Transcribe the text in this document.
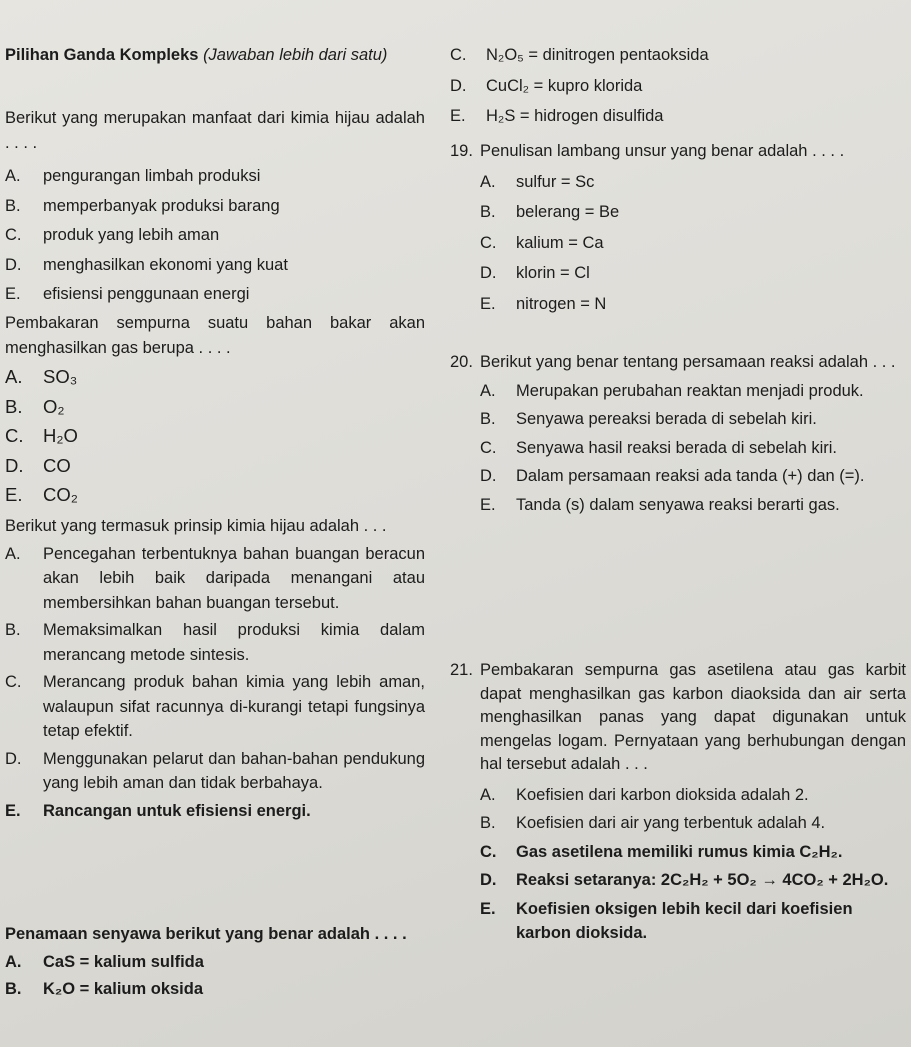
Pilihan Ganda Kompleks (Jawaban lebih dari satu)

Berikut yang merupakan manfaat dari kimia hijau adalah . . . .

A. pengurangan limbah produksi

B. memperbanyak produksi barang

C. produk yang lebih aman

D. menghasilkan ekonomi yang kuat

E. efisiensi penggunaan energi

Pembakaran sempurna suatu bahan bakar akan menghasilkan gas berupa . . . .

A. SO₃

B. O₂

C. H₂O

D. CO

E. CO₂

Berikut yang termasuk prinsip kimia hijau adalah . . .

A. Pencegahan terbentuknya bahan buangan beracun akan lebih baik daripada menangani atau membersihkan bahan buangan tersebut.

B. Memaksimalkan hasil produksi kimia dalam merancang metode sintesis.

C. Merancang produk bahan kimia yang lebih aman, walaupun sifat racunnya di-kurangi tetapi fungsinya tetap efektif.

D. Menggunakan pelarut dan bahan-bahan pendukung yang lebih aman dan tidak berbahaya.

E. Rancangan untuk efisiensi energi.

Penamaan senyawa berikut yang benar adalah . . . .

A. CaS = kalium sulfida

B. K₂O = kalium oksida

C. N₂O₅ = dinitrogen pentaoksida

D. CuCl₂ = kupro klorida

E. H₂S = hidrogen disulfida

19. Penulisan lambang unsur yang benar adalah . . . .

A. sulfur = Sc

B. belerang = Be

C. kalium = Ca

D. klorin = Cl

E. nitrogen = N

20. Berikut yang benar tentang persamaan reaksi adalah . . .

A. Merupakan perubahan reaktan menjadi produk.

B. Senyawa pereaksi berada di sebelah kiri.

C. Senyawa hasil reaksi berada di sebelah kiri.

D. Dalam persamaan reaksi ada tanda (+) dan (=).

E. Tanda (s) dalam senyawa reaksi berarti gas.

21. Pembakaran sempurna gas asetilena atau gas karbit dapat menghasilkan gas karbon diaoksida dan air serta menghasilkan panas yang dapat digunakan untuk mengelas logam. Pernyataan yang berhubungan dengan hal tersebut adalah . . .

A. Koefisien dari karbon dioksida adalah 2.

B. Koefisien dari air yang terbentuk adalah 4.

C. Gas asetilena memiliki rumus kimia C₂H₂.

D. Reaksi setaranya: 2C₂H₂ + 5O₂ → 4CO₂ + 2H₂O.

E. Koefisien oksigen lebih kecil dari koefisien karbon dioksida.
